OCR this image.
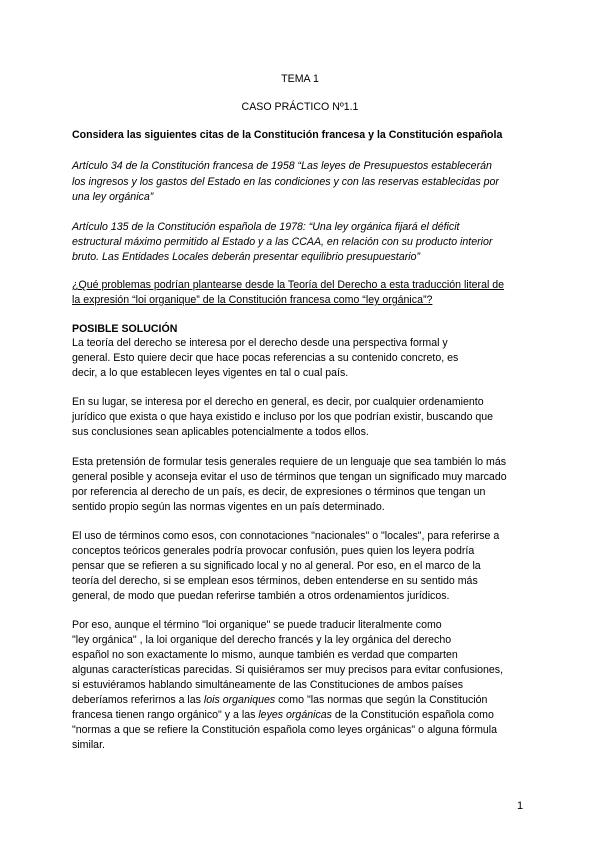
TEMA 1
CASO PRÁCTICO Nº1.1
Considera las siguientes citas de la Constitución francesa y la Constitución española
Artículo 34 de la Constitución francesa de 1958 “Las leyes de Presupuestos establecerán
los ingresos y los gastos del Estado en las condiciones y con las reservas establecidas por
una ley orgánica”
Artículo 135 de la Constitución española de 1978: “Una ley orgánica fijará el déficit
estructural máximo permitido al Estado y a las CCAA, en relación con su producto interior
bruto. Las Entidades Locales deberán presentar equilibrio presupuestario”
¿Qué problemas podrían plantearse desde la Teoría del Derecho a esta traducción literal de
la expresión “loi organique” de la Constitución francesa como “ley orgánica”?
POSIBLE SOLUCIÓN
La teoría del derecho se interesa por el derecho desde una perspectiva formal y
general. Esto quiere decir que hace pocas referencias a su contenido concreto, es
decir, a lo que establecen leyes vigentes en tal o cual país.
En su lugar, se interesa por el derecho en general, es decir, por cualquier ordenamiento
jurídico que exista o que haya existido e incluso por los que podrían existir, buscando que
sus conclusiones sean aplicables potencialmente a todos ellos.
Esta pretensión de formular tesis generales requiere de un lenguaje que sea también lo más
general posible y aconseja evitar el uso de términos que tengan un significado muy marcado
por referencia al derecho de un país, es decir, de expresiones o términos que tengan un
sentido propio según las normas vigentes en un país determinado.
El uso de términos como esos, con connotaciones "nacionales" o "locales", para referirse a
conceptos teóricos generales podría provocar confusión, pues quien los leyera podría
pensar que se refieren a su significado local y no al general. Por eso, en el marco de la
teoría del derecho, si se emplean esos términos, deben entenderse en su sentido más
general, de modo que puedan referirse también a otros ordenamientos jurídicos.
Por eso, aunque el término "loi organique" se puede traducir literalmente como
"ley orgánica" , la loi organique del derecho francés y la ley orgánica del derecho
español no son exactamente lo mismo, aunque también es verdad que comparten
algunas características parecidas. Si quisiéramos ser muy precisos para evitar confusiones,
si estuviéramos hablando simultáneamente de las Constituciones de ambos países
deberíamos referirnos a las lois organiques como "las normas que según la Constitución
francesa tienen rango orgánico" y a las leyes orgánicas de la Constitución española como
"normas a que se refiere la Constitución española como leyes orgánicas" o alguna fórmula
similar.
1
